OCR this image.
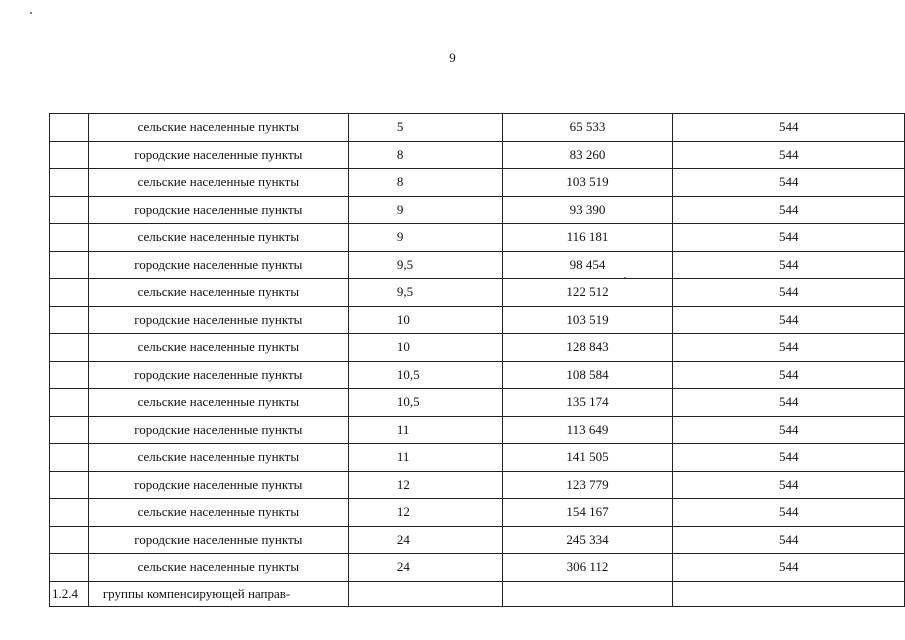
9
	сельские населенные пункты	5	65 533	544
	городские населенные пункты	8	83 260	544
	сельские населенные пункты	8	103 519	544
	городские населенные пункты	9	93 390	544
	сельские населенные пункты	9	116 181	544
	городские населенные пункты	9,5	98 454	544
	сельские населенные пункты	9,5	122 512	544
	городские населенные пункты	10	103 519	544
	сельские населенные пункты	10	128 843	544
	городские населенные пункты	10,5	108 584	544
	сельские населенные пункты	10,5	135 174	544
	городские населенные пункты	11	113 649	544
	сельские населенные пункты	11	141 505	544
	городские населенные пункты	12	123 779	544
	сельские населенные пункты	12	154 167	544
	городские населенные пункты	24	245 334	544
	сельские населенные пункты	24	306 112	544
1.2.4	группы компенсирующей направ-			
